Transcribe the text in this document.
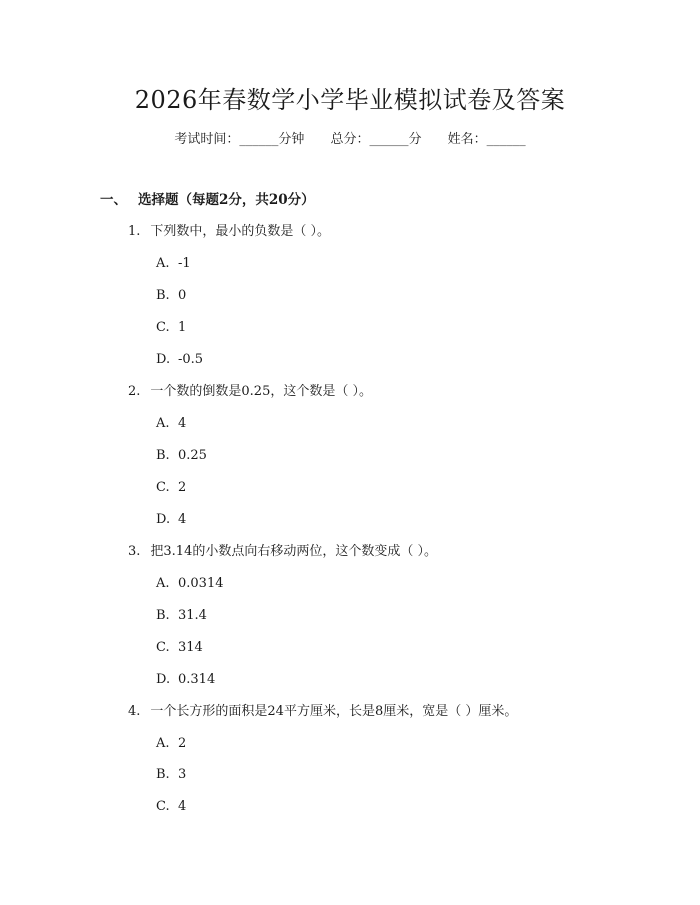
2026年春数学小学毕业模拟试卷及答案
考试时间：______分钟 总分：______分 姓名：______
一、 选择题（每题2分，共20分）
1. 下列数中，最小的负数是（ ）。
A. -1
B. 0
C. 1
D. -0.5
2. 一个数的倒数是0.25，这个数是（ ）。
A. 4
B. 0.25
C. 2
D. 4
3. 把3.14的小数点向右移动两位，这个数变成（ ）。
A. 0.0314
B. 31.4
C. 314
D. 0.314
4. 一个长方形的面积是24平方厘米，长是8厘米，宽是（ ）厘米。
A. 2
B. 3
C. 4
